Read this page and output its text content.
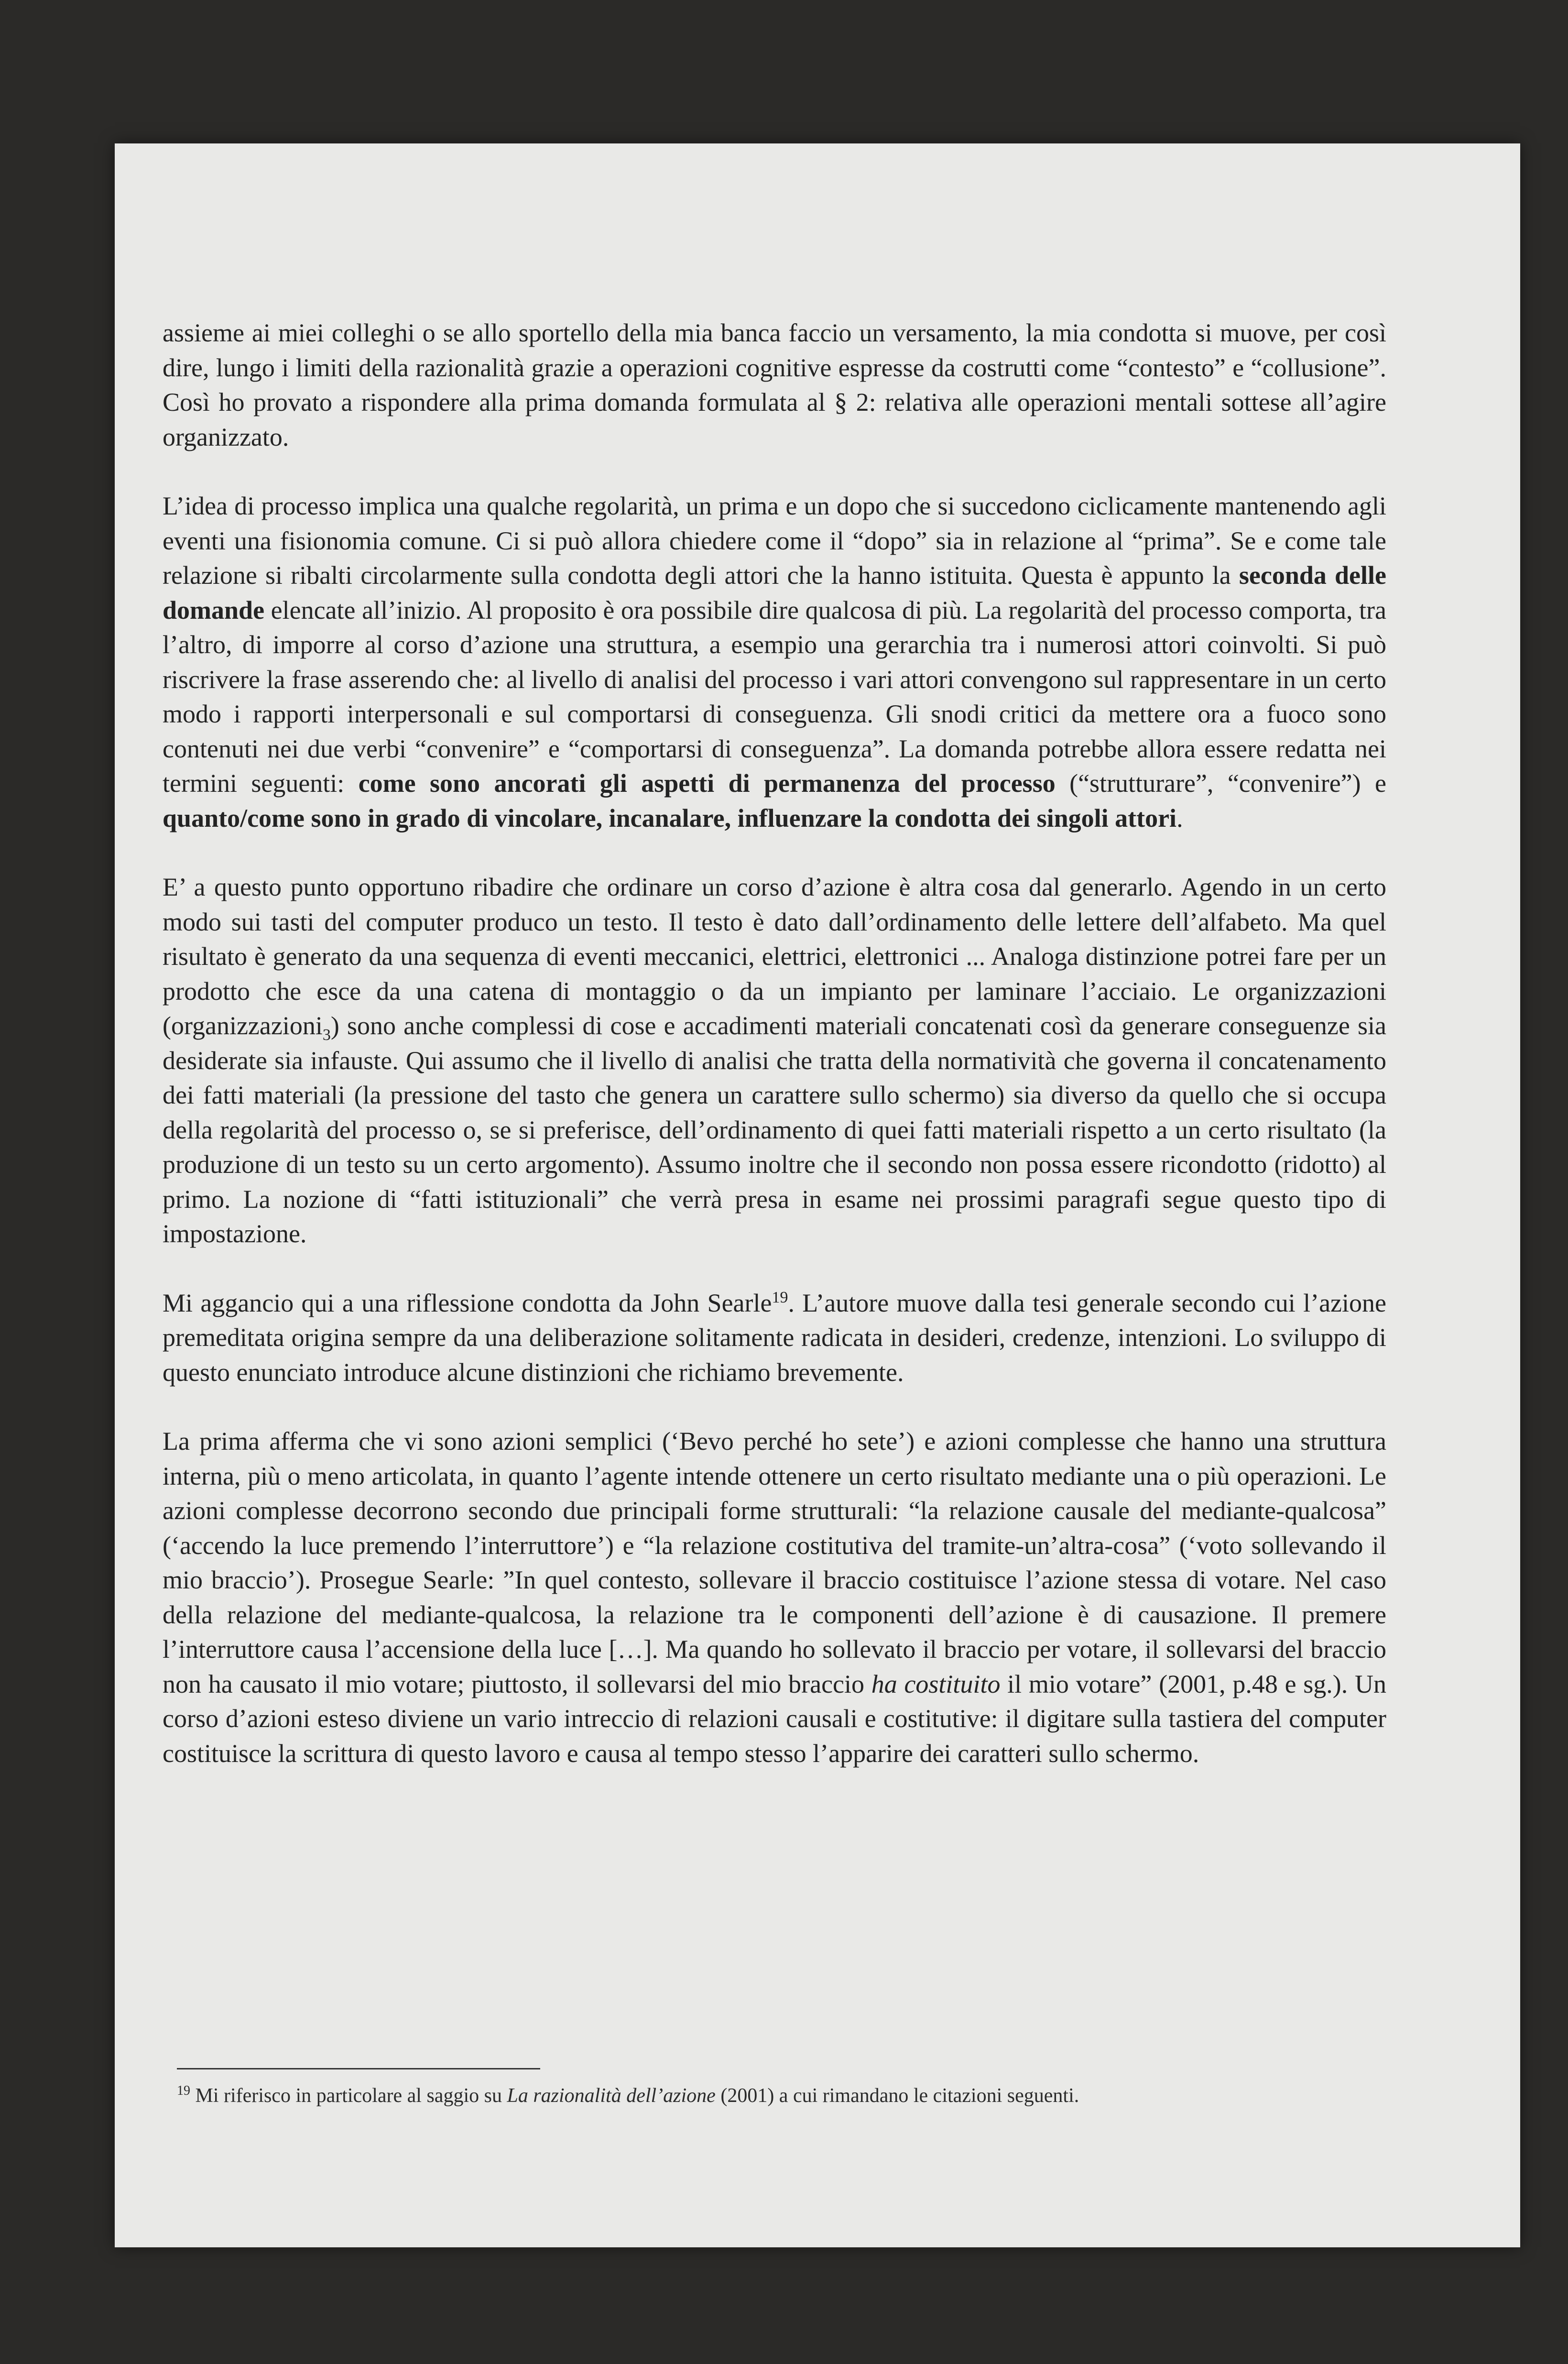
assieme ai miei colleghi o se allo sportello della mia banca faccio un versamento, la mia condotta si muove, per così dire, lungo i limiti della razionalità grazie a operazioni cognitive espresse da costrutti come “contesto” e “collusione”. Così ho provato a rispondere alla prima domanda formulata al § 2: relativa alle operazioni mentali sottese all’agire organizzato.

L’idea di processo implica una qualche regolarità, un prima e un dopo che si succedono ciclicamente mantenendo agli eventi una fisionomia comune. Ci si può allora chiedere come il “dopo” sia in relazione al “prima”. Se e come tale relazione si ribalti circolarmente sulla condotta degli attori che la hanno istituita. Questa è appunto la seconda delle domande elencate all’inizio. Al proposito è ora possibile dire qualcosa di più. La regolarità del processo comporta, tra l’altro, di imporre al corso d’azione una struttura, a esempio una gerarchia tra i numerosi attori coinvolti. Si può riscrivere la frase asserendo che: al livello di analisi del processo i vari attori convengono sul rappresentare in un certo modo i rapporti interpersonali e sul comportarsi di conseguenza. Gli snodi critici da mettere ora a fuoco sono contenuti nei due verbi “convenire” e “comportarsi di conseguenza”. La domanda potrebbe allora essere redatta nei termini seguenti: come sono ancorati gli aspetti di permanenza del processo (“strutturare”, “convenire”) e quanto/come sono in grado di vincolare, incanalare, influenzare la condotta dei singoli attori.

E’ a questo punto opportuno ribadire che ordinare un corso d’azione è altra cosa dal generarlo. Agendo in un certo modo sui tasti del computer produco un testo. Il testo è dato dall’ordinamento delle lettere dell’alfabeto. Ma quel risultato è generato da una sequenza di eventi meccanici, elettrici, elettronici ... Analoga distinzione potrei fare per un prodotto che esce da una catena di montaggio o da un impianto per laminare l’acciaio. Le organizzazioni (organizzazioni$_3$) sono anche complessi di cose e accadimenti materiali concatenati così da generare conseguenze sia desiderate sia infauste. Qui assumo che il livello di analisi che tratta della normatività che governa il concatenamento dei fatti materiali (la pressione del tasto che genera un carattere sullo schermo) sia diverso da quello che si occupa della regolarità del processo o, se si preferisce, dell’ordinamento di quei fatti materiali rispetto a un certo risultato (la produzione di un testo su un certo argomento). Assumo inoltre che il secondo non possa essere ricondotto (ridotto) al primo. La nozione di “fatti istituzionali” che verrà presa in esame nei prossimi paragrafi segue questo tipo di impostazione.

Mi aggancio qui a una riflessione condotta da John Searle$^{19}$. L’autore muove dalla tesi generale secondo cui l’azione premeditata origina sempre da una deliberazione solitamente radicata in desideri, credenze, intenzioni. Lo sviluppo di questo enunciato introduce alcune distinzioni che richiamo brevemente.

La prima afferma che vi sono azioni semplici (‘Bevo perché ho sete’) e azioni complesse che hanno una struttura interna, più o meno articolata, in quanto l’agente intende ottenere un certo risultato mediante una o più operazioni. Le azioni complesse decorrono secondo due principali forme strutturali: “la relazione causale del mediante-qualcosa” (‘accendo la luce premendo l’interruttore’) e “la relazione costitutiva del tramite-un’altra-cosa” (‘voto sollevando il mio braccio’). Prosegue Searle: ”In quel contesto, sollevare il braccio costituisce l’azione stessa di votare. Nel caso della relazione del mediante-qualcosa, la relazione tra le componenti dell’azione è di causazione. Il premere l’interruttore causa l’accensione della luce […]. Ma quando ho sollevato il braccio per votare, il sollevarsi del braccio non ha causato il mio votare; piuttosto, il sollevarsi del mio braccio ha costituito il mio votare” (2001, p.48 e sg.). Un corso d’azioni esteso diviene un vario intreccio di relazioni causali e costitutive: il digitare sulla tastiera del computer costituisce la scrittura di questo lavoro e causa al tempo stesso l’apparire dei caratteri sullo schermo.

$^{19}$ Mi riferisco in particolare al saggio su La razionalità dell’azione (2001) a cui rimandano le citazioni seguenti.
